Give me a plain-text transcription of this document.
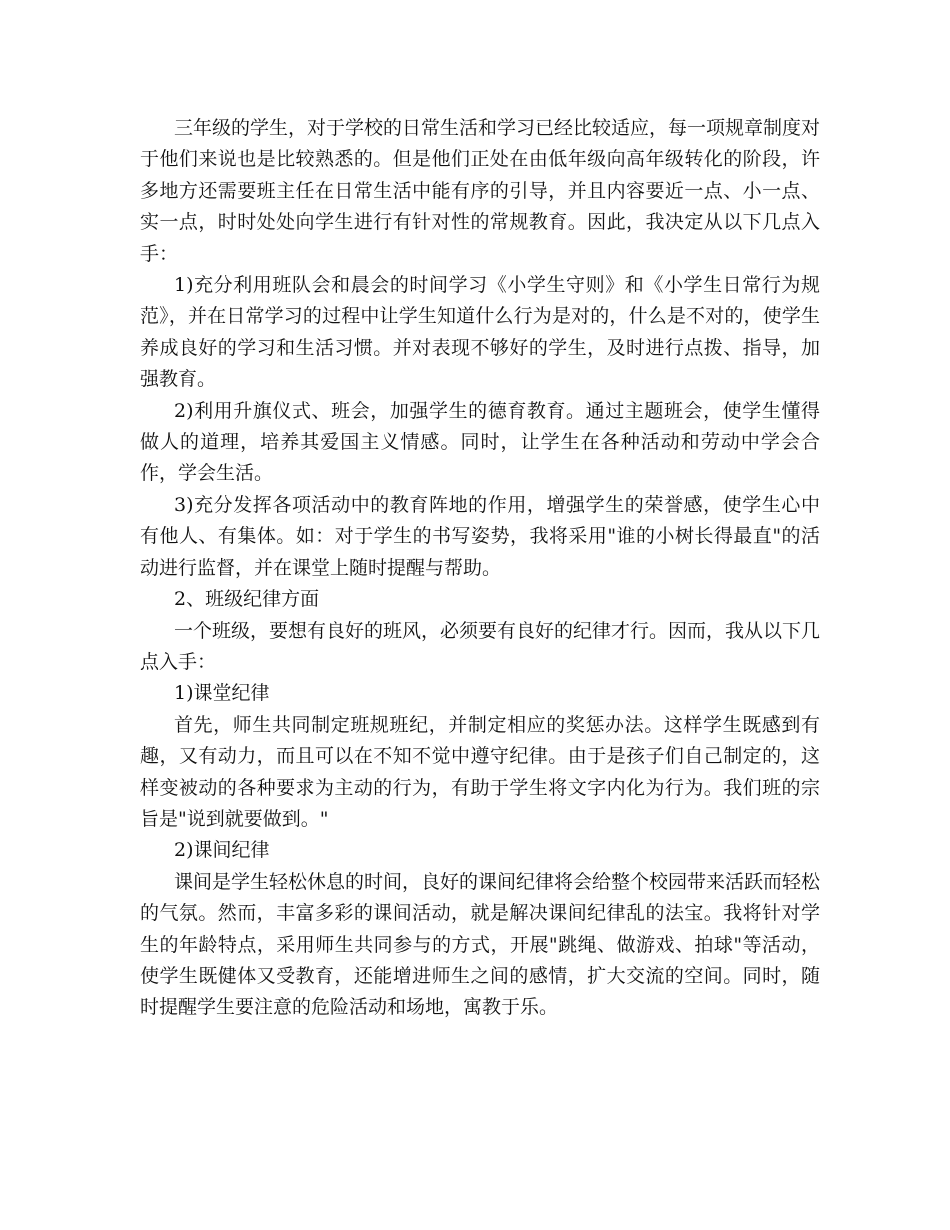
三年级的学生，对于学校的日常生活和学习已经比较适应，每一项规章制度对于他们来说也是比较熟悉的。但是他们正处在由低年级向高年级转化的阶段，许多地方还需要班主任在日常生活中能有序的引导，并且内容要近一点、小一点、实一点，时时处处向学生进行有针对性的常规教育。因此，我决定从以下几点入手：

1)充分利用班队会和晨会的时间学习《小学生守则》和《小学生日常行为规范》，并在日常学习的过程中让学生知道什么行为是对的，什么是不对的，使学生养成良好的学习和生活习惯。并对表现不够好的学生，及时进行点拨、指导，加强教育。

2)利用升旗仪式、班会，加强学生的德育教育。通过主题班会，使学生懂得做人的道理，培养其爱国主义情感。同时，让学生在各种活动和劳动中学会合作，学会生活。

3)充分发挥各项活动中的教育阵地的作用，增强学生的荣誉感，使学生心中有他人、有集体。如：对于学生的书写姿势，我将采用"谁的小树长得最直"的活动进行监督，并在课堂上随时提醒与帮助。

2、班级纪律方面

一个班级，要想有良好的班风，必须要有良好的纪律才行。因而，我从以下几点入手：

1)课堂纪律

首先，师生共同制定班规班纪，并制定相应的奖惩办法。这样学生既感到有趣，又有动力，而且可以在不知不觉中遵守纪律。由于是孩子们自己制定的，这样变被动的各种要求为主动的行为，有助于学生将文字内化为行为。我们班的宗旨是"说到就要做到。"

2)课间纪律

课间是学生轻松休息的时间，良好的课间纪律将会给整个校园带来活跃而轻松的气氛。然而，丰富多彩的课间活动，就是解决课间纪律乱的法宝。我将针对学生的年龄特点，采用师生共同参与的方式，开展"跳绳、做游戏、拍球"等活动，使学生既健体又受教育，还能增进师生之间的感情，扩大交流的空间。同时，随时提醒学生要注意的危险活动和场地，寓教于乐。
